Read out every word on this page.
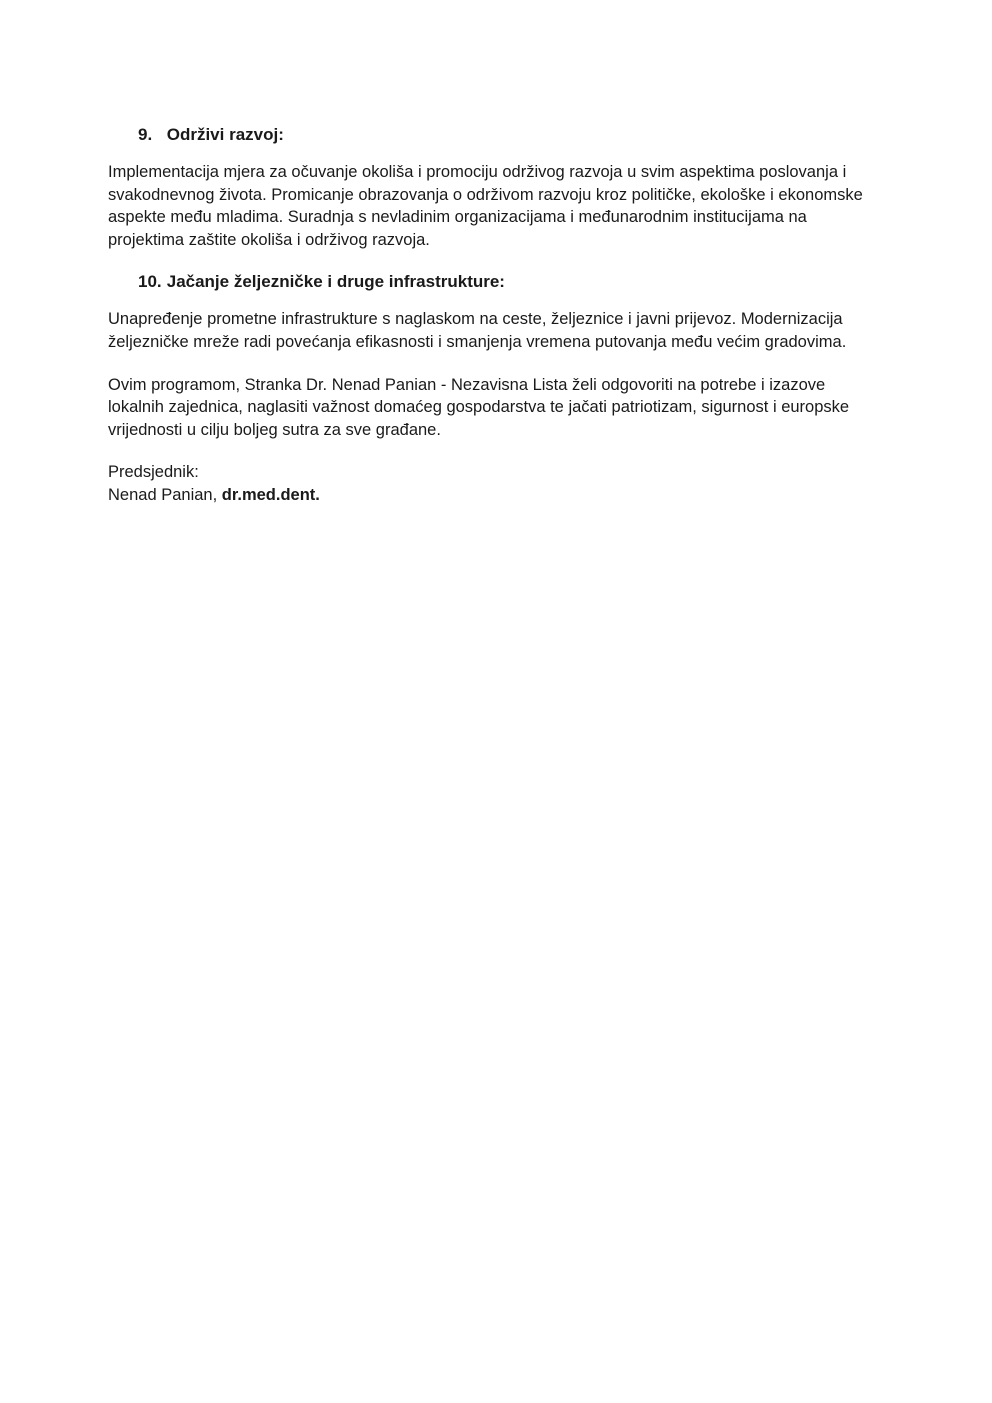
9. Održivi razvoj:

Implementacija mjera za očuvanje okoliša i promociju održivog razvoja u svim aspektima poslovanja i svakodnevnog života. Promicanje obrazovanja o održivom razvoju kroz političke, ekološke i ekonomske aspekte među mladima. Suradnja s nevladinim organizacijama i međunarodnim institucijama na projektima zaštite okoliša i održivog razvoja.

10. Jačanje željezničke i druge infrastrukture:

Unapređenje prometne infrastrukture s naglaskom na ceste, željeznice i javni prijevoz. Modernizacija željezničke mreže radi povećanja efikasnosti i smanjenja vremena putovanja među većim gradovima.

Ovim programom, Stranka Dr. Nenad Panian - Nezavisna Lista želi odgovoriti na potrebe i izazove lokalnih zajednica, naglasiti važnost domaćeg gospodarstva te jačati patriotizam, sigurnost i europske vrijednosti u cilju boljeg sutra za sve građane.

Predsjednik:
Nenad Panian, dr.med.dent.
